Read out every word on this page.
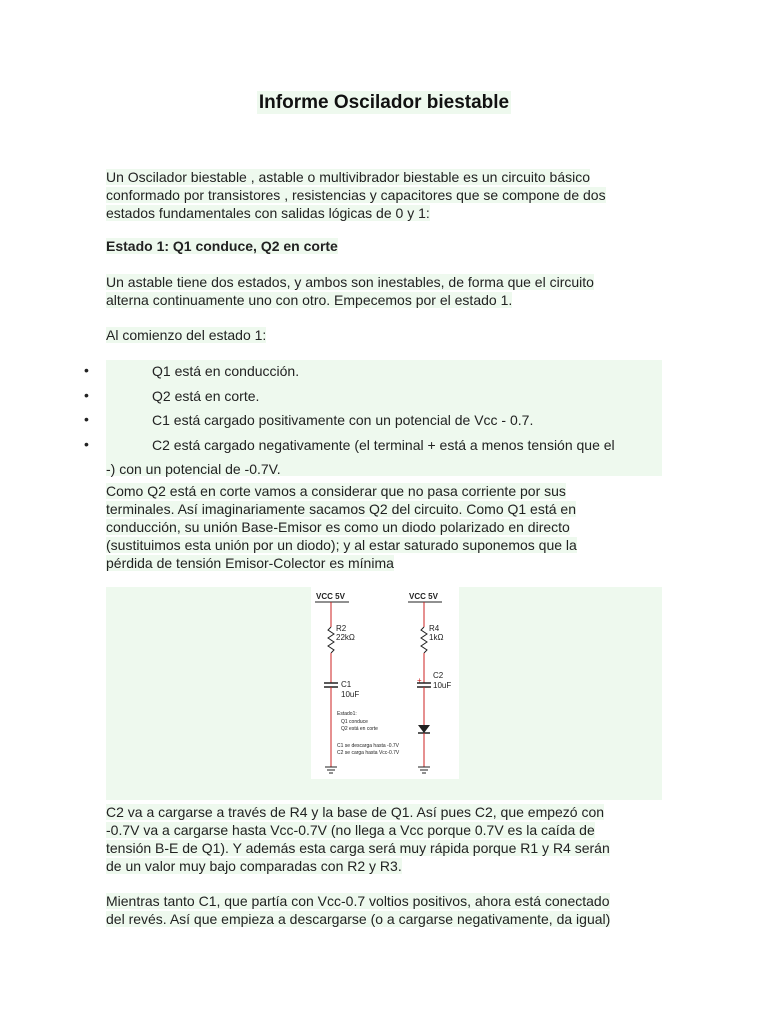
Informe Oscilador biestable
Un Oscilador biestable , astable o multivibrador biestable es un circuito básico
conformado por transistores , resistencias y capacitores que se compone de dos
estados fundamentales con salidas lógicas de 0 y 1:
Estado 1: Q1 conduce, Q2 en corte
Un astable tiene dos estados, y ambos son inestables, de forma que el circuito
alterna continuamente uno con otro. Empecemos por el estado 1.
Al comienzo del estado 1:
•	Q1 está en conducción.
•	Q2 está en corte.
•	C1 está cargado positivamente con un potencial de Vcc - 0.7.
•	C2 está cargado negativamente (el terminal + está a menos tensión que el
-) con un potencial de -0.7V.
Como Q2 está en corte vamos a considerar que no pasa corriente por sus
terminales. Así imaginariamente sacamos Q2 del circuito. Como Q1 está en
conducción, su unión Base-Emisor es como un diodo polarizado en directo
(sustituimos esta unión por un diodo); y al estar saturado suponemos que la
pérdida de tensión Emisor-Colector es mínima
VCC 5V
R2
22kΩ
C1
10uF
VCC 5V
R4
1kΩ
+
C2
10uF
Estado1:
Q1 conduce
Q2 está en corte
C1 se descarga hasta -0.7V
C2 se carga hasta Vcc-0.7V
C2 va a cargarse a través de R4 y la base de Q1. Así pues C2, que empezó con
-0.7V va a cargarse hasta Vcc-0.7V (no llega a Vcc porque 0.7V es la caída de
tensión B-E de Q1). Y además esta carga será muy rápida porque R1 y R4 serán
de un valor muy bajo comparadas con R2 y R3.
Mientras tanto C1, que partía con Vcc-0.7 voltios positivos, ahora está conectado
del revés. Así que empieza a descargarse (o a cargarse negativamente, da igual)
